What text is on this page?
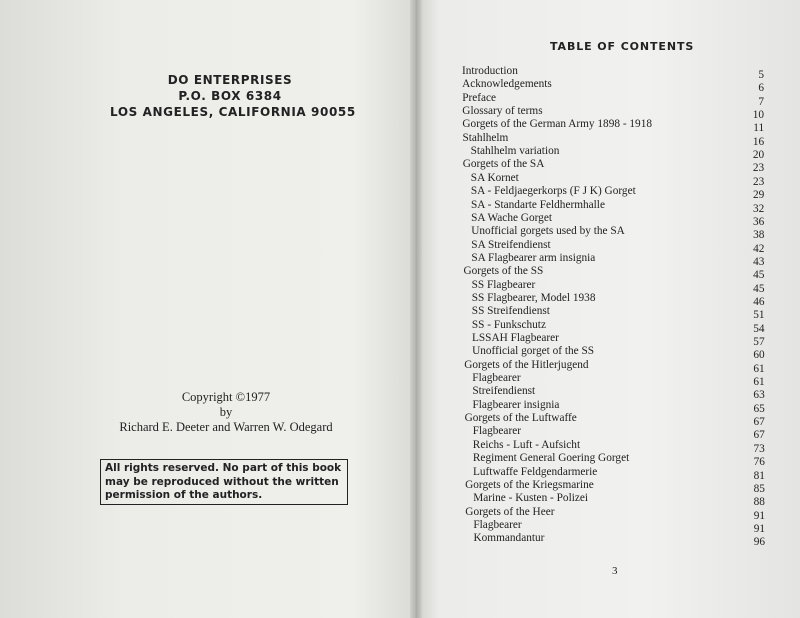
DO ENTERPRISES
P.O. BOX 6384
LOS ANGELES, CALIFORNIA 90055
Copyright ©1977
by
Richard E. Deeter and Warren W. Odegard
All rights reserved. No part of this book
may be reproduced without the written
permission of the authors.
TABLE OF CONTENTS
Introduction	5
Acknowledgements	6
Preface	7
Glossary of terms	10
Gorgets of the German Army 1898 - 1918	11
Stahlhelm	16
Stahlhelm variation	20
Gorgets of the SA	23
SA Kornet	23
SA - Feldjaegerkorps (F J K) Gorget	29
SA - Standarte Feldhermhalle	32
SA Wache Gorget	36
Unofficial gorgets used by the SA	38
SA Streifendienst	42
SA Flagbearer arm insignia	43
Gorgets of the SS	45
SS Flagbearer	45
SS Flagbearer, Model 1938	46
SS Streifendienst	51
SS - Funkschutz	54
LSSAH Flagbearer	57
Unofficial gorget of the SS	60
Gorgets of the Hitlerjugend	61
Flagbearer	61
Streifendienst	63
Flagbearer insignia	65
Gorgets of the Luftwaffe	67
Flagbearer	67
Reichs - Luft - Aufsicht	73
Regiment General Goering Gorget	76
Luftwaffe Feldgendarmerie	81
Gorgets of the Kriegsmarine	85
Marine - Kusten - Polizei	88
Gorgets of the Heer	91
Flagbearer	91
Kommandantur	96
3
